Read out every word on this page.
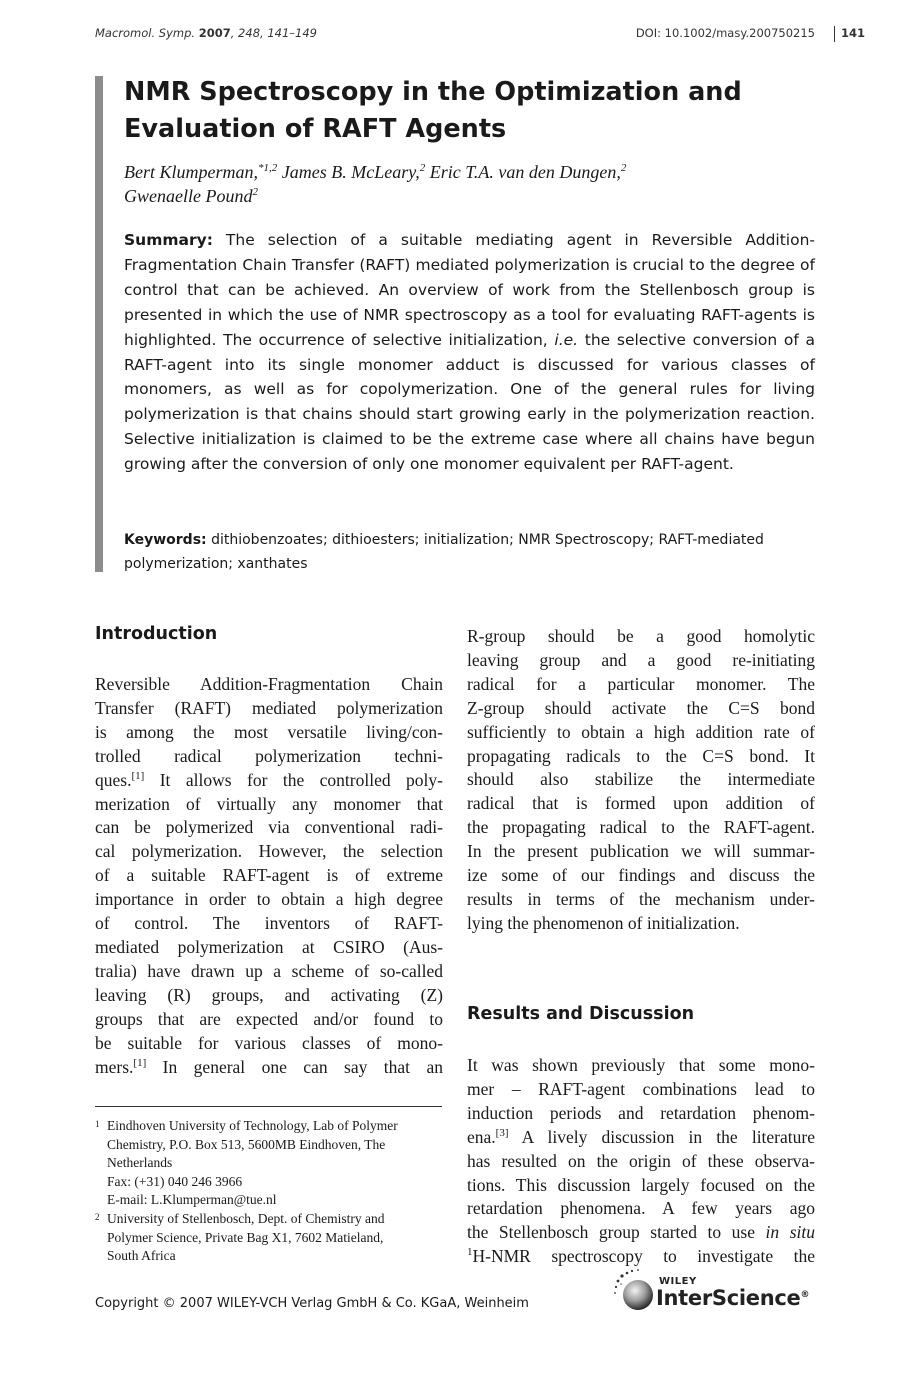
Macromol. Symp. 2007, 248, 141–149	DOI: 10.1002/masy.200750215	141
NMR Spectroscopy in the Optimization and
Evaluation of RAFT Agents
Bert Klumperman,$^{*1,2}$ James B. McLeary,$^2$ Eric T.A. van den Dungen,$^2$
Gwenaelle Pound$^2$

Summary: The selection of a suitable mediating agent in Reversible Addition-Fragmentation Chain Transfer (RAFT) mediated polymerization is crucial to the degree of control that can be achieved. An overview of work from the Stellenbosch group is presented in which the use of NMR spectroscopy as a tool for evaluating RAFT-agents is highlighted. The occurrence of selective initialization, i.e. the selective conversion of a RAFT-agent into its single monomer adduct is discussed for various classes of monomers, as well as for copolymerization. One of the general rules for living polymerization is that chains should start growing early in the polymerization reaction. Selective initialization is claimed to be the extreme case where all chains have begun growing after the conversion of only one monomer equivalent per RAFT-agent.

Keywords: dithiobenzoates; dithioesters; initialization; NMR Spectroscopy; RAFT-mediated
polymerization; xanthates

Introduction
Reversible Addition-Fragmentation Chain
Transfer (RAFT) mediated polymerization
is among the most versatile living/con-
trolled radical polymerization techni-
ques.[1] It allows for the controlled poly-
merization of virtually any monomer that
can be polymerized via conventional radi-
cal polymerization. However, the selection
of a suitable RAFT-agent is of extreme
importance in order to obtain a high degree
of control. The inventors of RAFT-
mediated polymerization at CSIRO (Aus-
tralia) have drawn up a scheme of so-called
leaving (R) groups, and activating (Z)
groups that are expected and/or found to
be suitable for various classes of mono-
mers.[1] In general one can say that an
R-group should be a good homolytic
leaving group and a good re-initiating
radical for a particular monomer. The
Z-group should activate the C=S bond
sufficiently to obtain a high addition rate of
propagating radicals to the C=S bond. It
should also stabilize the intermediate
radical that is formed upon addition of
the propagating radical to the RAFT-agent.
In the present publication we will summar-
ize some of our findings and discuss the
results in terms of the mechanism under-
lying the phenomenon of initialization.
Results and Discussion
It was shown previously that some mono-
mer – RAFT-agent combinations lead to
induction periods and retardation phenom-
ena.[3] A lively discussion in the literature
has resulted on the origin of these observa-
tions. This discussion largely focused on the
retardation phenomena. A few years ago
the Stellenbosch group started to use in situ
$^1$H-NMR spectroscopy to investigate the
1 Eindhoven University of Technology, Lab of Polymer
Chemistry, P.O. Box 513, 5600MB Eindhoven, The
Netherlands
Fax: (+31) 040 246 3966
E-mail: L.Klumperman@tue.nl
2 University of Stellenbosch, Dept. of Chemistry and
Polymer Science, Private Bag X1, 7602 Matieland,
South Africa
Copyright © 2007 WILEY-VCH Verlag GmbH & Co. KGaA, Weinheim
WILEY
InterScience®
